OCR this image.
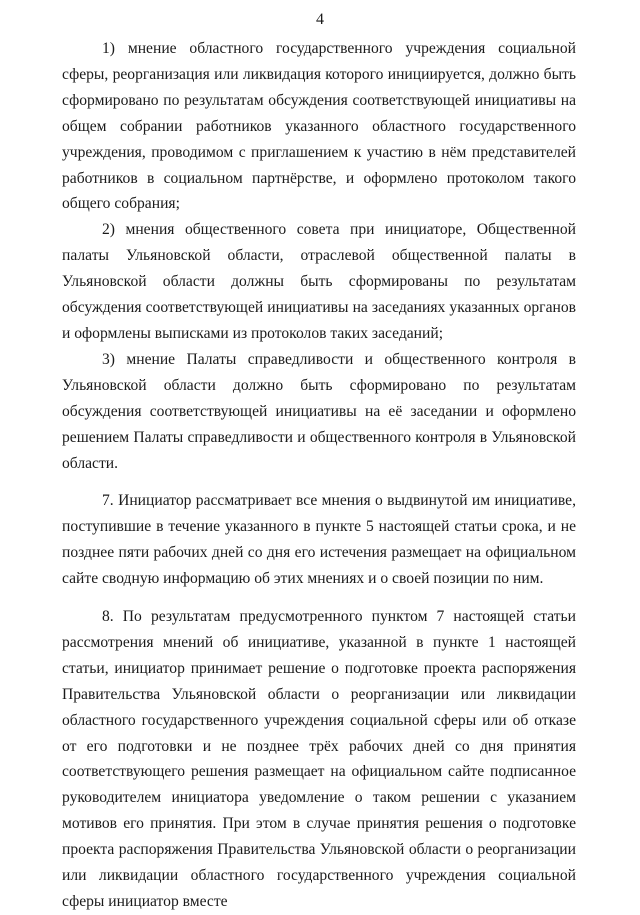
4

1) мнение областного государственного учреждения социальной сферы, реорганизация или ликвидация которого инициируется, должно быть сформировано по результатам обсуждения соответствующей инициативы на общем собрании работников указанного областного государственного учреждения, проводимом с приглашением к участию в нём представителей работников в социальном партнёрстве, и оформлено протоколом такого общего собрания;

2) мнения общественного совета при инициаторе, Общественной палаты Ульяновской области, отраслевой общественной палаты в Ульяновской области должны быть сформированы по результатам обсуждения соответствующей инициативы на заседаниях указанных органов и оформлены выписками из протоколов таких заседаний;

3) мнение Палаты справедливости и общественного контроля в Ульяновской области должно быть сформировано по результатам обсуждения соответствующей инициативы на её заседании и оформлено решением Палаты справедливости и общественного контроля в Ульяновской области.

7. Инициатор рассматривает все мнения о выдвинутой им инициативе, поступившие в течение указанного в пункте 5 настоящей статьи срока, и не позднее пяти рабочих дней со дня его истечения размещает на официальном сайте сводную информацию об этих мнениях и о своей позиции по ним.

8. По результатам предусмотренного пунктом 7 настоящей статьи рассмотрения мнений об инициативе, указанной в пункте 1 настоящей статьи, инициатор принимает решение о подготовке проекта распоряжения Правительства Ульяновской области о реорганизации или ликвидации областного государственного учреждения социальной сферы или об отказе от его подготовки и не позднее трёх рабочих дней со дня принятия соответствующего решения размещает на официальном сайте подписанное руководителем инициатора уведомление о таком решении с указанием мотивов его принятия. При этом в случае принятия решения о подготовке проекта распоряжения Правительства Ульяновской области о реорганизации или ликвидации областного государственного учреждения социальной сферы инициатор вместе
